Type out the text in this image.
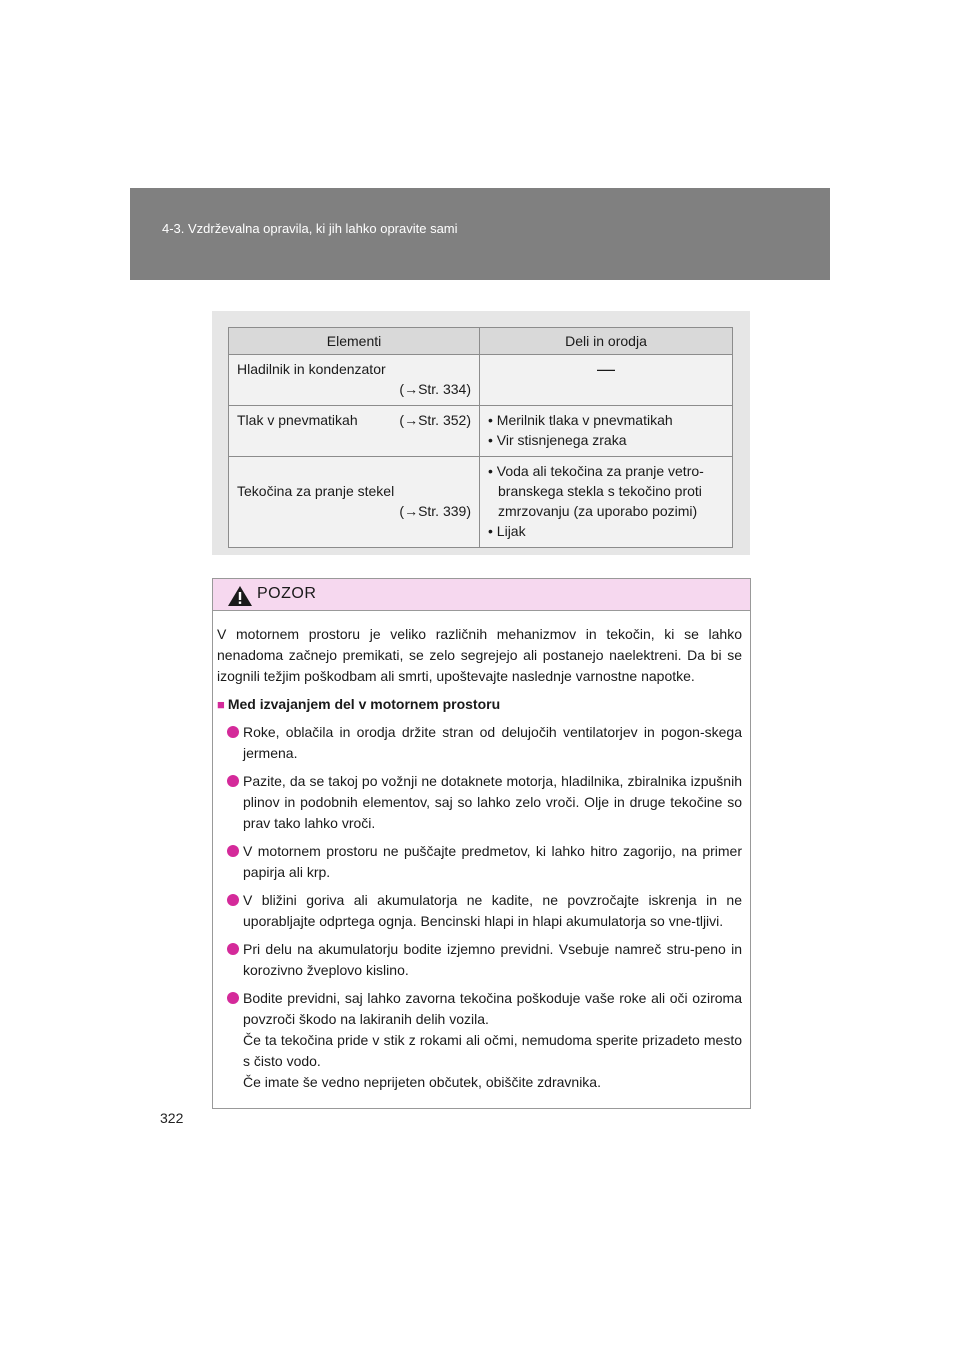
4-3. Vzdrževalna opravila, ki jih lahko opravite sami
Elementi	Deli in orodja

Hladilnik in kondenzator
(→Str. 334)	—

Tlak v pnevmatikah (→Str. 352)	• Merilnik tlaka v pnevmatikah
• Vir stisnjenega zraka

Tekočina za pranje stekel
(→Str. 339)	• Voda ali tekočina za pranje vetro-
branskega stekla s tekočino proti
zmrzovanju (za uporabo pozimi)
• Lijak
POZOR

V motornem prostoru je veliko različnih mehanizmov in tekočin, ki se lahko nenadoma začnejo premikati, se zelo segrejejo ali postanejo naelektreni. Da bi se izognili težjim poškodbam ali smrti, upoštevajte naslednje varnostne napotke.

■ Med izvajanjem del v motornem prostoru

Roke, oblačila in orodja držite stran od delujočih ventilatorjev in pogon-skega jermena.

Pazite, da se takoj po vožnji ne dotaknete motorja, hladilnika, zbiralnika izpušnih plinov in podobnih elementov, saj so lahko zelo vroči. Olje in druge tekočine so prav tako lahko vroči.

V motornem prostoru ne puščajte predmetov, ki lahko hitro zagorijo, na primer papirja ali krp.

V bližini goriva ali akumulatorja ne kadite, ne povzročajte iskrenja in ne uporabljajte odprtega ognja. Bencinski hlapi in hlapi akumulatorja so vne-tljivi.

Pri delu na akumulatorju bodite izjemno previdni. Vsebuje namreč stru-peno in korozivno žveplovo kislino.

Bodite previdni, saj lahko zavorna tekočina poškoduje vaše roke ali oči oziroma povzroči škodo na lakiranih delih vozila.

Če ta tekočina pride v stik z rokami ali očmi, nemudoma sperite prizadeto mesto s čisto vodo.

Če imate še vedno neprijeten občutek, obiščite zdravnika.

322
